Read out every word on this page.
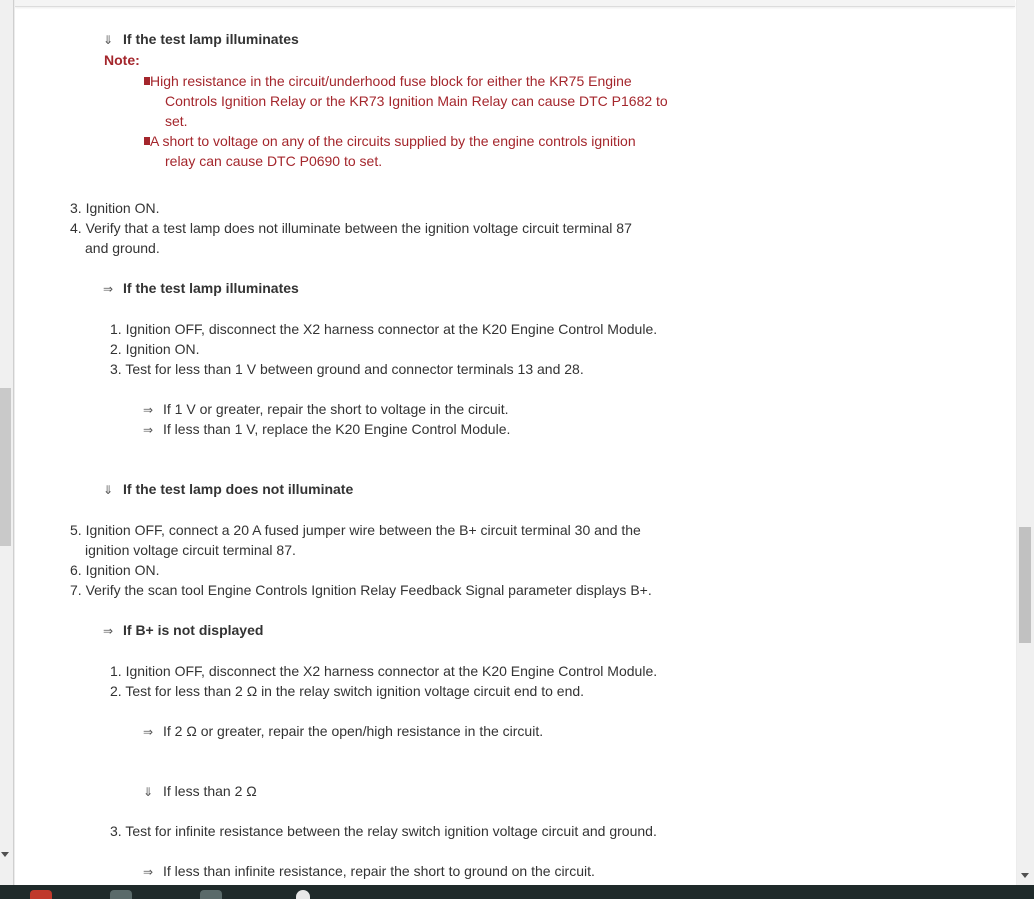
⇓ If the test lamp illuminates
Note:
High resistance in the circuit/underhood fuse block for either the KR75 Engine
Controls Ignition Relay or the KR73 Ignition Main Relay can cause DTC P1682 to
set.
A short to voltage on any of the circuits supplied by the engine controls ignition
relay can cause DTC P0690 to set.
3. Ignition ON.
4. Verify that a test lamp does not illuminate between the ignition voltage circuit terminal 87
and ground.
⇒ If the test lamp illuminates
1. Ignition OFF, disconnect the X2 harness connector at the K20 Engine Control Module.
2. Ignition ON.
3. Test for less than 1 V between ground and connector terminals 13 and 28.
⇒ If 1 V or greater, repair the short to voltage in the circuit.
⇒ If less than 1 V, replace the K20 Engine Control Module.
⇓ If the test lamp does not illuminate
5. Ignition OFF, connect a 20 A fused jumper wire between the B+ circuit terminal 30 and the
ignition voltage circuit terminal 87.
6. Ignition ON.
7. Verify the scan tool Engine Controls Ignition Relay Feedback Signal parameter displays B+.
⇒ If B+ is not displayed
1. Ignition OFF, disconnect the X2 harness connector at the K20 Engine Control Module.
2. Test for less than 2 Ω in the relay switch ignition voltage circuit end to end.
⇒ If 2 Ω or greater, repair the open/high resistance in the circuit.
⇓ If less than 2 Ω
3. Test for infinite resistance between the relay switch ignition voltage circuit and ground.
⇒ If less than infinite resistance, repair the short to ground on the circuit.
